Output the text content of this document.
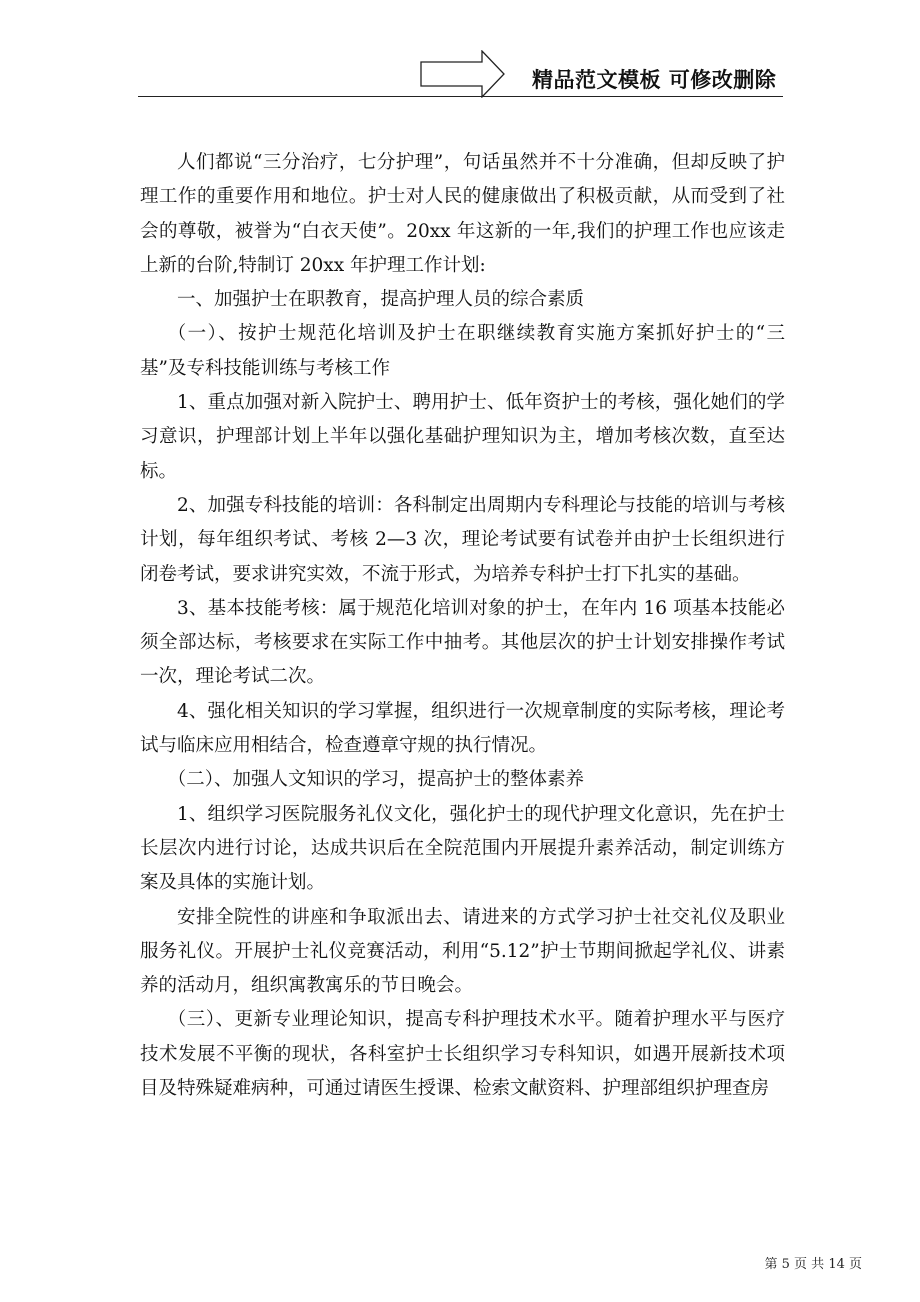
精品范文模板 可修改删除

人们都说“三分治疗，七分护理”，句话虽然并不十分准确，但却反映了护理工作的重要作用和地位。护士对人民的健康做出了积极贡献，从而受到了社会的尊敬，被誉为“白衣天使”。20xx 年这新的一年,我们的护理工作也应该走上新的台阶,特制订 20xx 年护理工作计划:

一、加强护士在职教育，提高护理人员的综合素质

（一）、按护士规范化培训及护士在职继续教育实施方案抓好护士的“三基”及专科技能训练与考核工作

1、重点加强对新入院护士、聘用护士、低年资护士的考核，强化她们的学习意识，护理部计划上半年以强化基础护理知识为主，增加考核次数，直至达标。

2、加强专科技能的培训：各科制定出周期内专科理论与技能的培训与考核计划，每年组织考试、考核 2—3 次，理论考试要有试卷并由护士长组织进行闭卷考试，要求讲究实效，不流于形式，为培养专科护士打下扎实的基础。

3、基本技能考核：属于规范化培训对象的护士，在年内 16 项基本技能必须全部达标，考核要求在实际工作中抽考。其他层次的护士计划安排操作考试一次，理论考试二次。

4、强化相关知识的学习掌握，组织进行一次规章制度的实际考核，理论考试与临床应用相结合，检查遵章守规的执行情况。

（二）、加强人文知识的学习，提高护士的整体素养

1、组织学习医院服务礼仪文化，强化护士的现代护理文化意识，先在护士长层次内进行讨论，达成共识后在全院范围内开展提升素养活动，制定训练方案及具体的实施计划。

安排全院性的讲座和争取派出去、请进来的方式学习护士社交礼仪及职业服务礼仪。开展护士礼仪竞赛活动，利用“5.12”护士节期间掀起学礼仪、讲素养的活动月，组织寓教寓乐的节日晚会。

（三）、更新专业理论知识，提高专科护理技术水平。随着护理水平与医疗技术发展不平衡的现状，各科室护士长组织学习专科知识，如遇开展新技术项目及特殊疑难病种，可通过请医生授课、检索文献资料、护理部组织护理查房

第 5 页 共 14 页
